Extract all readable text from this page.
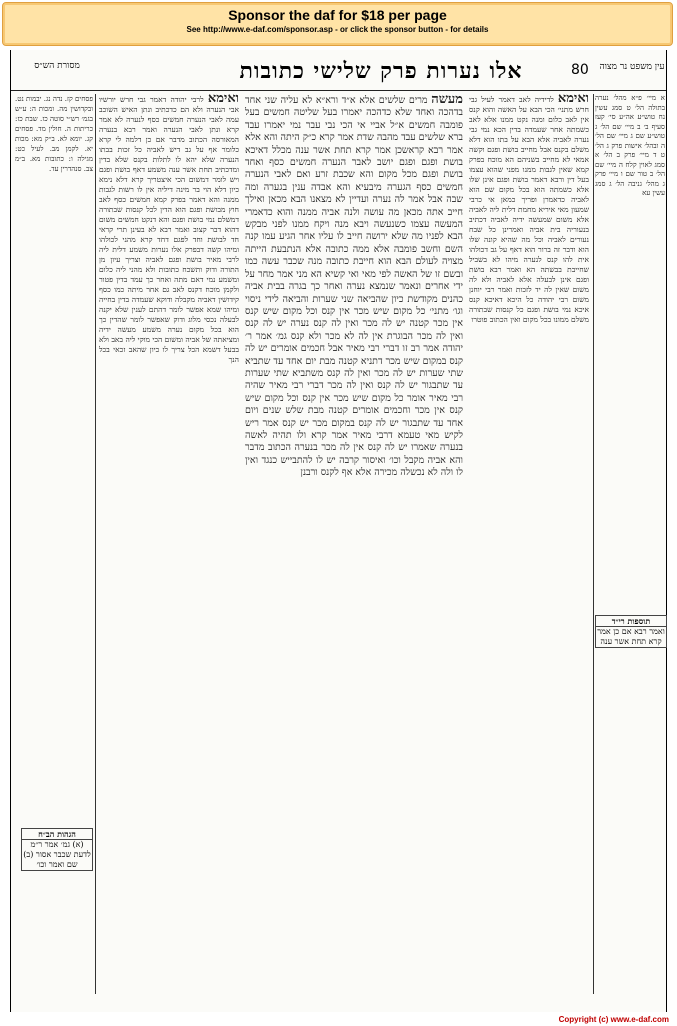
Sponsor the daf for $18 per page
See http://www.e-daf.com/sponsor.asp - or click the sponsor button - for details
מסורת הש״ס	אלו נערות פרק שלישי כתובות	80 עין משפט נר מצוה
פסחים קז. נדה נג. יבמות נט. ובקדושין מה. ומכות ה: ע״ש בגמ׳ רש״י סוטה כז. שבת כז: כריתות ה. חולין מד. פסחים קג. יומא לא. ב״ק מא: מכות יא. לקמן מב. לעיל כט: מגילה ו: כתובות מא. ב״מ צב. סנהדרין עד.
ואימא לרבי יהודה דאמר גבי חרש יורשיו אבי הנערה ולא הם כדכתיב ונתן האיש השוכב עמה לאבי הנערה חמשים כסף לנערה לא אמר קרא ונתן לאבי הנערה ואמר רבא בנערה המאורסה הכתוב מדבר אם כן דלמה לי קרא כלומר אף על גב דיש לאביה כל זכות בבתו הנערה שלא יהא לו לתלות בקנס שלא בדין ומדכתיב תחת אשר ענה משמע דאף בושת ופגם ויש לומר דמשום הכי איצטריך קרא דלא נימא כיון דלא הוי בר מינה דיליה אין לו רשות לגבות ממנה והא דאמר בפרק קמא חמשים כסף לאב חוץ מבושת ופגם הוא הדין לכל קנסות שבתורה דמשלם נמי בושת ופגם והא דנקט חמשים משום דהוא דבר קצוב ואמר רבא לא בעינן תרי קראי חד לבושת וחד לפגם דחד קרא מהני לכולהו ומיהו קשה דבפרק אלו נערות משמע דלית ליה לרבי מאיר בושת ופגם לאביה וצריך עיון מן התורה ודוק ותשכח כתובות ולא מהני ליה כלום ומשמע נמי דאם מתה ואחר כך עמד בדין פטור ולקמן מוכח דקנס לאב גם אחר מיתה כמו כסף קידושין דאביה מקבלה ודוקא שעמדה בדין בחייה ומיהו שמא אפשר לומר דהתם לענין שלא יקנה לבעלה נכסי מלוג ודוק שאפשר לומר שהדין כך הוא בכל מקום נערה משמע מעשה ידיה ומציאתה של אביה ומשום הכי מוקי ליה באב ולא בבעל דשמא הכל צריך לו כיון שהאב זכאי בכל הנך
מעשה מרים שלשים אלא א״ד ורא״א לא עליה שני אחד בדהכה ואחד שלא כדהכה יאמרו בעל שליטה חמשים בעל פומבה חמשים א״ל אביי אי הכי נבי עבר נמי יאמרו עבד ברא שלשים עבד מהבה שדת אמר קרא כ״ק היתה והא אלא אמר רבא קראשכן אמר קרא תחת אשר ענה מכלל דאיכא בושת ופגם ופגם יושב לאבר הנערה חמשים כסף ואחד בושת ופגם מכל מקום והא שכבת זרע ואם לאבי הנערה חמשים כסף הגערה מיבעיא והא אבדה ענין בגערה ומה שבה אבל אמר לה נערה ועדיין לא מצאנו הבא מכאן ואילך חייב אתה מכאן מה עושה ולנה אביה ממנה והוא כדאמרי המעשה עצמו כשנעשה ויבא מנה ויקח ממנו לפני מבקש הבא לפניו מה שלא ירושה חייב לו עליו אחר הגיע עמו קנה השם וחשב פומבה אלא ממה כתובה אלא הנתבעת הייתה מצויה לעולם הבא הוא חייבת כתובה מנה שכבר עשה כמו ובשם זו של האשה לפי מאי ואי קשיא הא מני אמר מחר על ידי אחרים ונאמר שנמצא נערה ואחר כך בגרה בבית אביה כהנים מקודשת כיון שהביאה שני שערות והביאה לידי ניסוי וגו׳ מתני׳ כל מקום שיש מכר אין קנס וכל מקום שיש קנס אין מכר קטנה יש לה מכר ואין לה קנס נערה יש לה קנס ואין לה מכר הבוגרת אין לה לא מכר ולא קנס גמ׳ אמר ר׳ יהודה אמר רב זו דברי רבי מאיר אבל חכמים אומרים יש לה קנס במקום שיש מכר דתניא קטנה מבת יום אחד עד שתביא שתי שערות יש לה מכר ואין לה קנס משתביא שתי שערות עד שתבגור יש לה קנס ואין לה מכר דברי רבי מאיר שהיה רבי מאיר אומר כל מקום שיש מכר אין קנס וכל מקום שיש קנס אין מכר וחכמים אומרים קטנה מבת שלש שנים ויום אחד עד שתבגור יש לה קנס במקום מכר יש קנס אמר ריש לקיש מאי טעמא דרבי מאיר אמר קרא ולו תהיה לאשה בנערה שאמרו יש לה קנס אין לה מכר בנערה הכתוב מדבר והא אביה מקבל וכו׳ ואיסור קרבה יש לו להתבייש כנגד ואין לו ולה לא נכשלה מכירה אלא אף לקנס ורבנן
ואימא לדידיה לאב דאמר לעיל גבי חרש מתני׳ הכי הבא על האשה והוא קנס אין לאב כלום ומנה נקט ממנו אלא לאב כשמתה אחר שעמדה בדין הכא נמי גבי נערה לאביה אלא הבא על בתו הוא דלא משלם בקנס אבל מחייב בושת ופגם וקשה אמאי לא מחייב בשניהם הא מוכח בפרק קמא שאין לגבות ממנו מפני שהוא עצמו בעל דין ורבא דאמר בושת ופגם אינן שלו אלא כשמתה הוא בכל מקום שם הוא לאביה כדאמרן ופריך כמאן אי כרבי שמעון מאי איריא מחמת דלית ליה לאביה אלא משום שמעשה ידיה לאביה דכתיב בנעוריה בית אביה ואמרינן כל שבח נעורים לאביה וכל מה שהיא קונה שלו הוא ודבר זה ברור הוא דאף על גב דכולהו אית להו קנס לנערה מיהו לא בשביל שחייבת בבשתה הא ואמר רבא בושת ופגם אינן לבעלה אלא לאביה ולא לה משום שאין לה יד לזכות ואמר רבי יוחנן משום רבי יהודה כל היכא דאיכא קנס איכא נמי בושת ופגם כל קנסות שבתורה משלם ממונו בכל מקום ואין הכתוב פוטרו
א מיי׳ פ״א מהל׳ נערה בתולה הל׳ ט סמג עשין נח טוש״ע אה״ע סי׳ קעז סעיף ב׳ ב מיי׳ שם הל׳ ג טוש״ע שם ג מיי׳ שם הל׳ ה ובהל׳ אישות פרק ג הל׳ ט ד מיי׳ פרק ב הל׳ א סמג לאוין קלח ה מיי׳ שם הל׳ ב טור שם ו מיי׳ פרק ג מהל׳ גניבה הל׳ ג סמג עשין עא
הגהות הב״ח
(א) גמ׳ אמר ר״מ לדעת שכבר אסור (ב) שם ואמר וכו׳
תוספות רי״ד
ואמר רבא אם כן אמר קרא תחת אשר ענה
Copyright (c) www.e-daf.com
